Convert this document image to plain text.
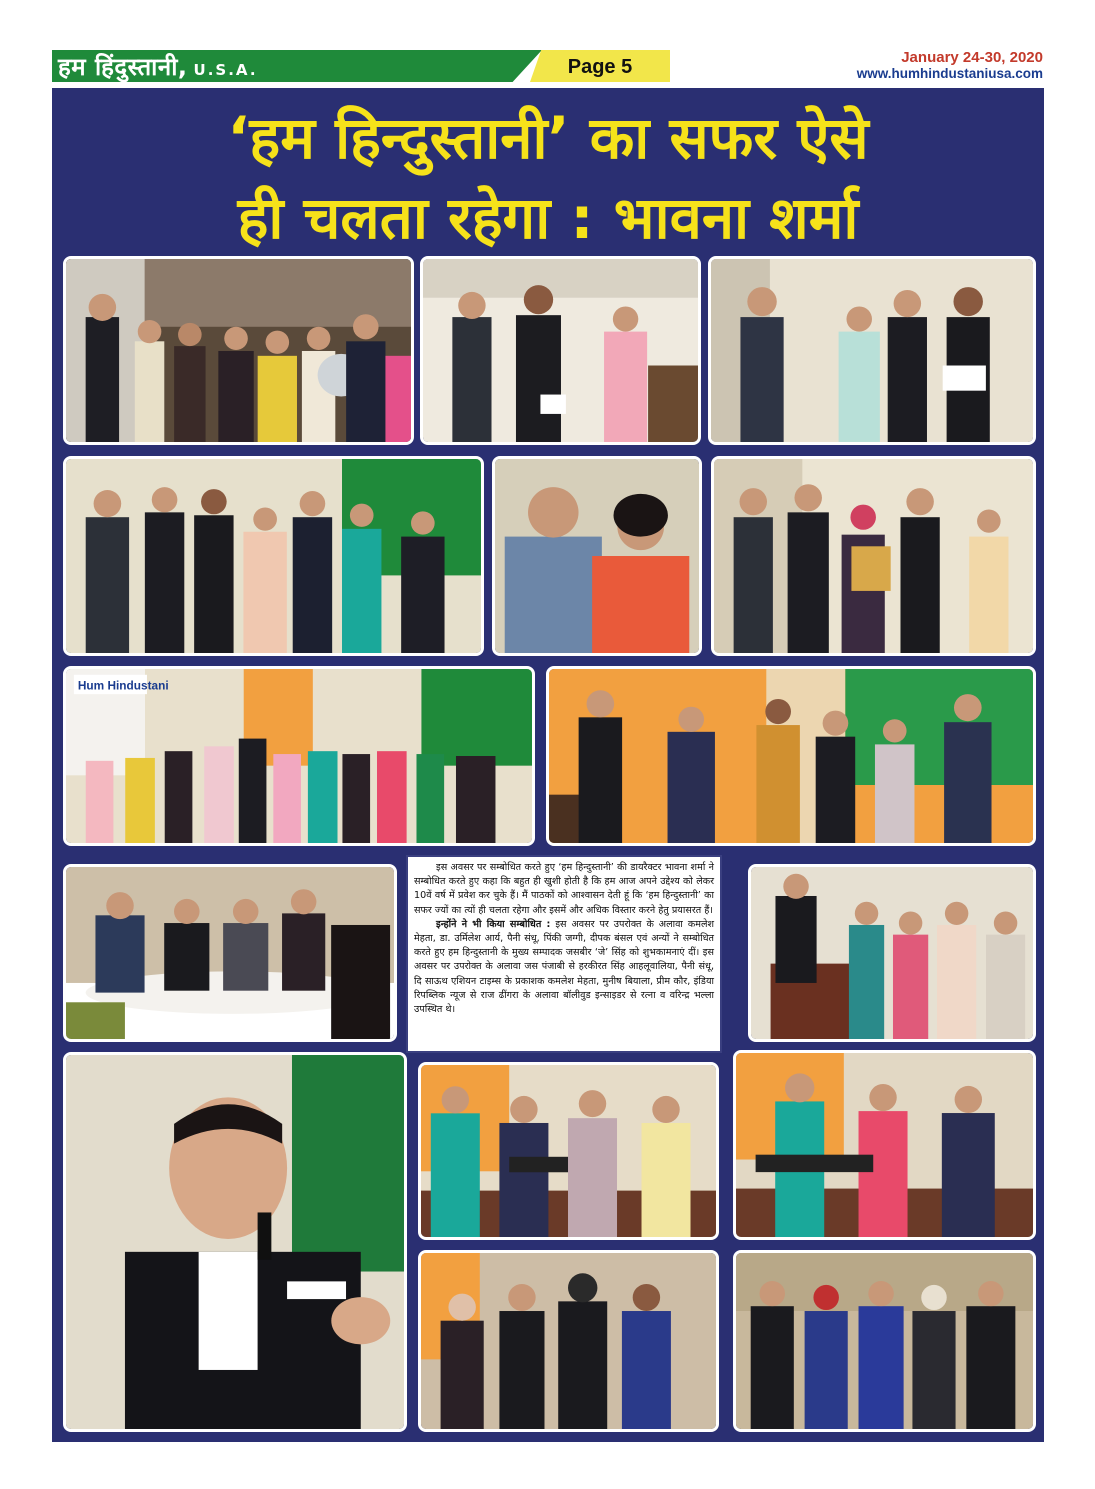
हम हिंदुस्तानी, U.S.A.	Page 5	January 24-30, 2020
www.humhindustaniusa.com
‘हम हिन्दुस्तानी’ का सफर ऐसे
ही चलता रहेगा : भावना शर्मा
Hum Hindustani

इस अवसर पर सम्बोधित करते हुए ‘हम हिन्दुस्तानी’ की डायरैक्टर भावना शर्मा ने सम्बोधित करते हुए कहा कि बहुत ही खुशी होती है कि हम आज अपने उद्देश्य को लेकर 10वें वर्ष में प्रवेश कर चुके हैं। मैं पाठकों को आश्वासन देती हूं कि ‘हम हिन्दुस्तानी’ का सफर ज्यों का त्यों ही चलता रहेगा और इसमें और अधिक विस्तार करने हेतु प्रयासरत हैं।

इन्होंने ने भी किया सम्बोधित : इस अवसर पर उपरोक्त के अलावा कमलेश मेहता, डा. उर्मिलेश आर्य, पैनी संधू, पिंकी जग्गी, दीपक बंसल एवं अन्यों ने सम्बोधित करते हुए हम हिन्दुस्तानी के मुख्य सम्पादक जसबीर ‘जे’ सिंह को शुभकामनाएं दीं। इस अवसर पर उपरोक्त के अलावा जस पंजाबी से हरकीरत सिंह आहलूवालिया, पैनी संधू, दि साऊथ एशियन टाइम्स के प्रकाशक कमलेश मेहता, मुनीष बियाला, प्रीम कौर, इंडिया रिपब्लिक न्यूज से राज ढींगरा के अलावा बॉलीवुड इन्साइडर से रत्ना व वरिन्द्र भल्ला उपस्थित थे।
